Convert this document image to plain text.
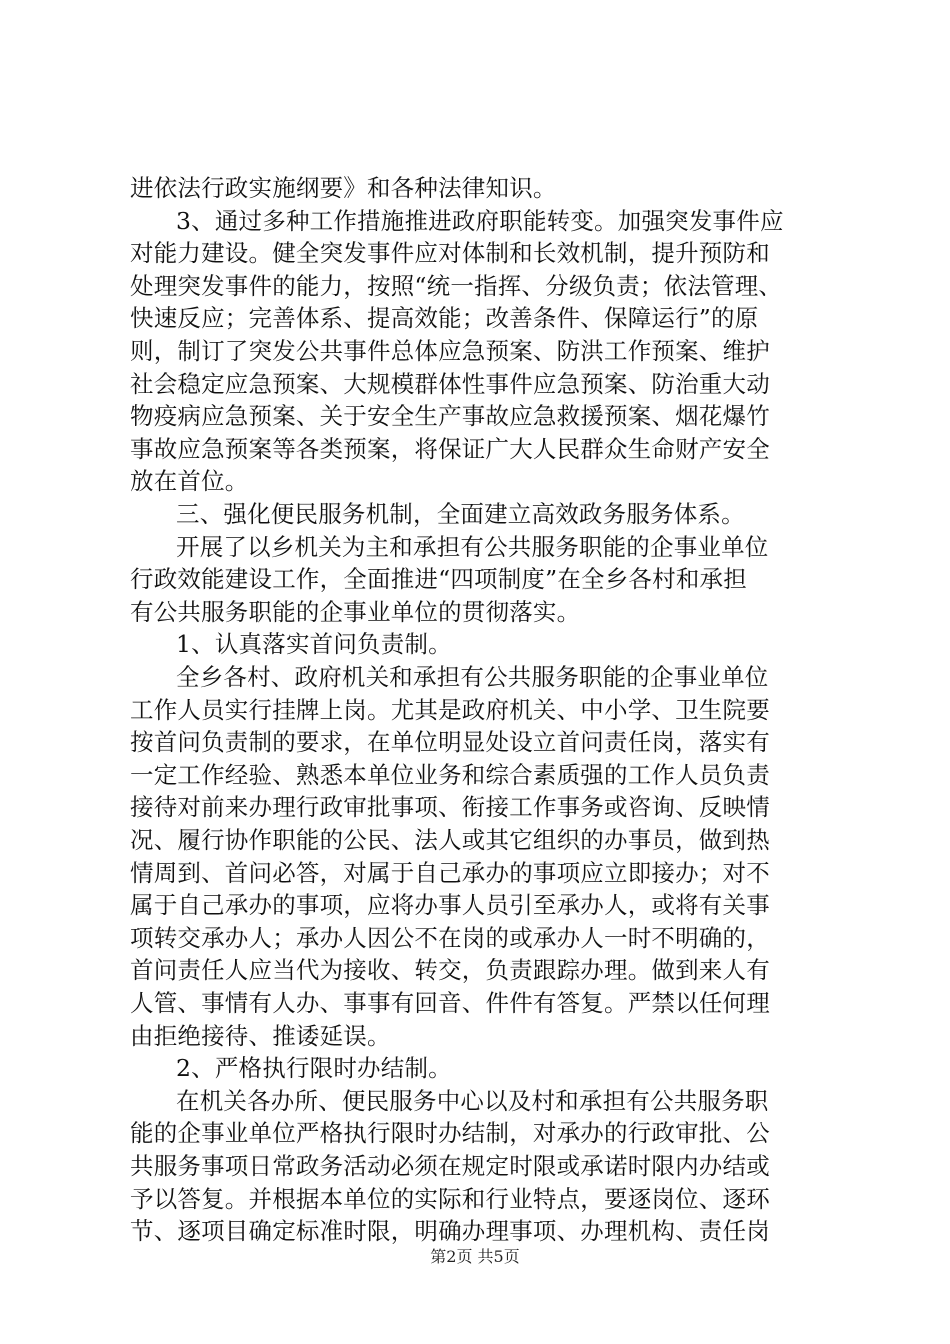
进依法行政实施纲要》和各种法律知识。
3、通过多种工作措施推进政府职能转变。加强突发事件应
对能力建设。健全突发事件应对体制和长效机制，提升预防和
处理突发事件的能力，按照“统一指挥、分级负责；依法管理、
快速反应；完善体系、提高效能；改善条件、保障运行”的原
则，制订了突发公共事件总体应急预案、防洪工作预案、维护
社会稳定应急预案、大规模群体性事件应急预案、防治重大动
物疫病应急预案、关于安全生产事故应急救援预案、烟花爆竹
事故应急预案等各类预案，将保证广大人民群众生命财产安全
放在首位。
三、强化便民服务机制，全面建立高效政务服务体系。
开展了以乡机关为主和承担有公共服务职能的企事业单位
行政效能建设工作，全面推进“四项制度”在全乡各村和承担
有公共服务职能的企事业单位的贯彻落实。
1、认真落实首问负责制。
全乡各村、政府机关和承担有公共服务职能的企事业单位
工作人员实行挂牌上岗。尤其是政府机关、中小学、卫生院要
按首问负责制的要求，在单位明显处设立首问责任岗，落实有
一定工作经验、熟悉本单位业务和综合素质强的工作人员负责
接待对前来办理行政审批事项、衔接工作事务或咨询、反映情
况、履行协作职能的公民、法人或其它组织的办事员，做到热
情周到、首问必答，对属于自己承办的事项应立即接办；对不
属于自己承办的事项，应将办事人员引至承办人，或将有关事
项转交承办人；承办人因公不在岗的或承办人一时不明确的，
首问责任人应当代为接收、转交，负责跟踪办理。做到来人有
人管、事情有人办、事事有回音、件件有答复。严禁以任何理
由拒绝接待、推诿延误。
2、严格执行限时办结制。
在机关各办所、便民服务中心以及村和承担有公共服务职
能的企事业单位严格执行限时办结制，对承办的行政审批、公
共服务事项日常政务活动必须在规定时限或承诺时限内办结或
予以答复。并根据本单位的实际和行业特点，要逐岗位、逐环
节、逐项目确定标准时限，明确办理事项、办理机构、责任岗
第2页 共5页
